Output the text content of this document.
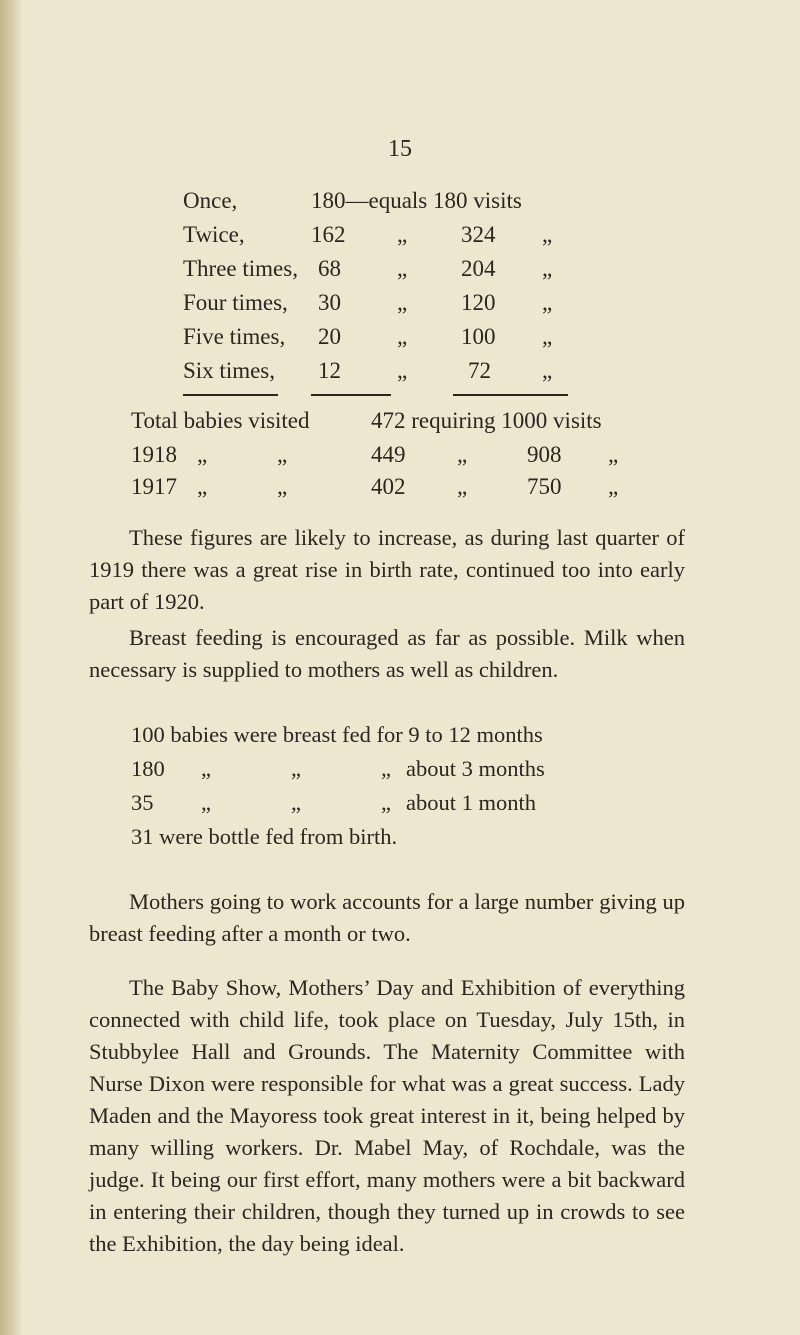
15
Once,	180—equals 180 visits
Twice,	162 „ 324 „
Three times, 68 „ 204 „
Four times, 30 „ 120 „
Five times, 20 „ 100 „
Six times, 12 „	72 „
Total babies visited	472 requiring 1000 visits
1918 „	„	449 „	908 „
1917 „	„	402 „	750 „
These figures are likely to increase, as during last quarter of 1919 there was a great rise in birth rate, continued too into early part of 1920.
Breast feeding is encouraged as far as possible. Milk when necessary is supplied to mothers as well as children.
100 babies were breast fed for 9 to 12 months
180 „	„	„ about 3 months
35 „	„	„ about 1 month
31 were bottle fed from birth.
Mothers going to work accounts for a large number giving up breast feeding after a month or two.
The Baby Show, Mothers’ Day and Exhibition of everything connected with child life, took place on Tuesday, July 15th, in Stubbylee Hall and Grounds. The Maternity Committee with Nurse Dixon were responsible for what was a great success. Lady Maden and the Mayoress took great interest in it, being helped by many willing workers. Dr. Mabel May, of Rochdale, was the judge. It being our first effort, many mothers were a bit backward in entering their children, though they turned up in crowds to see the Exhibition, the day being ideal.
